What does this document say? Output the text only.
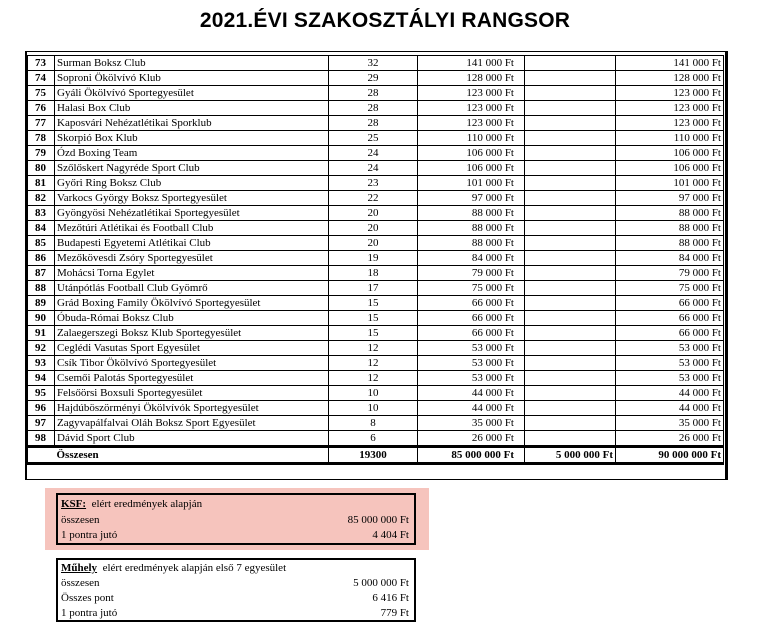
2021.ÉVI SZAKOSZTÁLYI RANGSOR
73	Surman Boksz Club	32	141 000 Ft		141 000 Ft
74	Soproni Ökölvívó Klub	29	128 000 Ft		128 000 Ft
75	Gyáli Ökölvívó Sportegyesület	28	123 000 Ft		123 000 Ft
76	Halasi Box Club	28	123 000 Ft		123 000 Ft
77	Kaposvári Nehézatlétikai Sporklub	28	123 000 Ft		123 000 Ft
78	Skorpió Box Klub	25	110 000 Ft		110 000 Ft
79	Ózd Boxing Team	24	106 000 Ft		106 000 Ft
80	Szőlőskert Nagyréde Sport Club	24	106 000 Ft		106 000 Ft
81	Győri Ring Boksz Club	23	101 000 Ft		101 000 Ft
82	Varkocs György Boksz Sportegyesület	22	97 000 Ft		97 000 Ft
83	Gyöngyösi Nehézatlétikai Sportegyesület	20	88 000 Ft		88 000 Ft
84	Mezőtúri Atlétikai és Football Club	20	88 000 Ft		88 000 Ft
85	Budapesti Egyetemi Atlétikai Club	20	88 000 Ft		88 000 Ft
86	Mezőkövesdi Zsóry Sportegyesület	19	84 000 Ft		84 000 Ft
87	Mohácsi Torna Egylet	18	79 000 Ft		79 000 Ft
88	Utánpótlás Football Club Gyömrő	17	75 000 Ft		75 000 Ft
89	Grád Boxing Family Ökölvívó Sportegyesület	15	66 000 Ft		66 000 Ft
90	Óbuda-Római Boksz Club	15	66 000 Ft		66 000 Ft
91	Zalaegerszegi Boksz Klub Sportegyesület	15	66 000 Ft		66 000 Ft
92	Ceglédi Vasutas Sport Egyesület	12	53 000 Ft		53 000 Ft
93	Csík Tibor Ökölvívó Sportegyesület	12	53 000 Ft		53 000 Ft
94	Csemői Palotás Sportegyesület	12	53 000 Ft		53 000 Ft
95	Felsőörsi Boxsuli Sportegyesület	10	44 000 Ft		44 000 Ft
96	Hajdúböszörményi Ökölvívók Sportegyesület	10	44 000 Ft		44 000 Ft
97	Zagyvapálfalvai Oláh Boksz Sport Egyesület	8	35 000 Ft		35 000 Ft
98	Dávid Sport Club	6	26 000 Ft		26 000 Ft
	Összesen	19300	85 000 000 Ft	5 000 000 Ft	90 000 000 Ft
KSF: elért eredmények alapján
összesen	85 000 000 Ft
1 pontra jutó	4 404 Ft
Műhely elért eredmények alapján első 7 egyesület
összesen	5 000 000 Ft
Összes pont	6 416 Ft
1 pontra jutó	779 Ft
